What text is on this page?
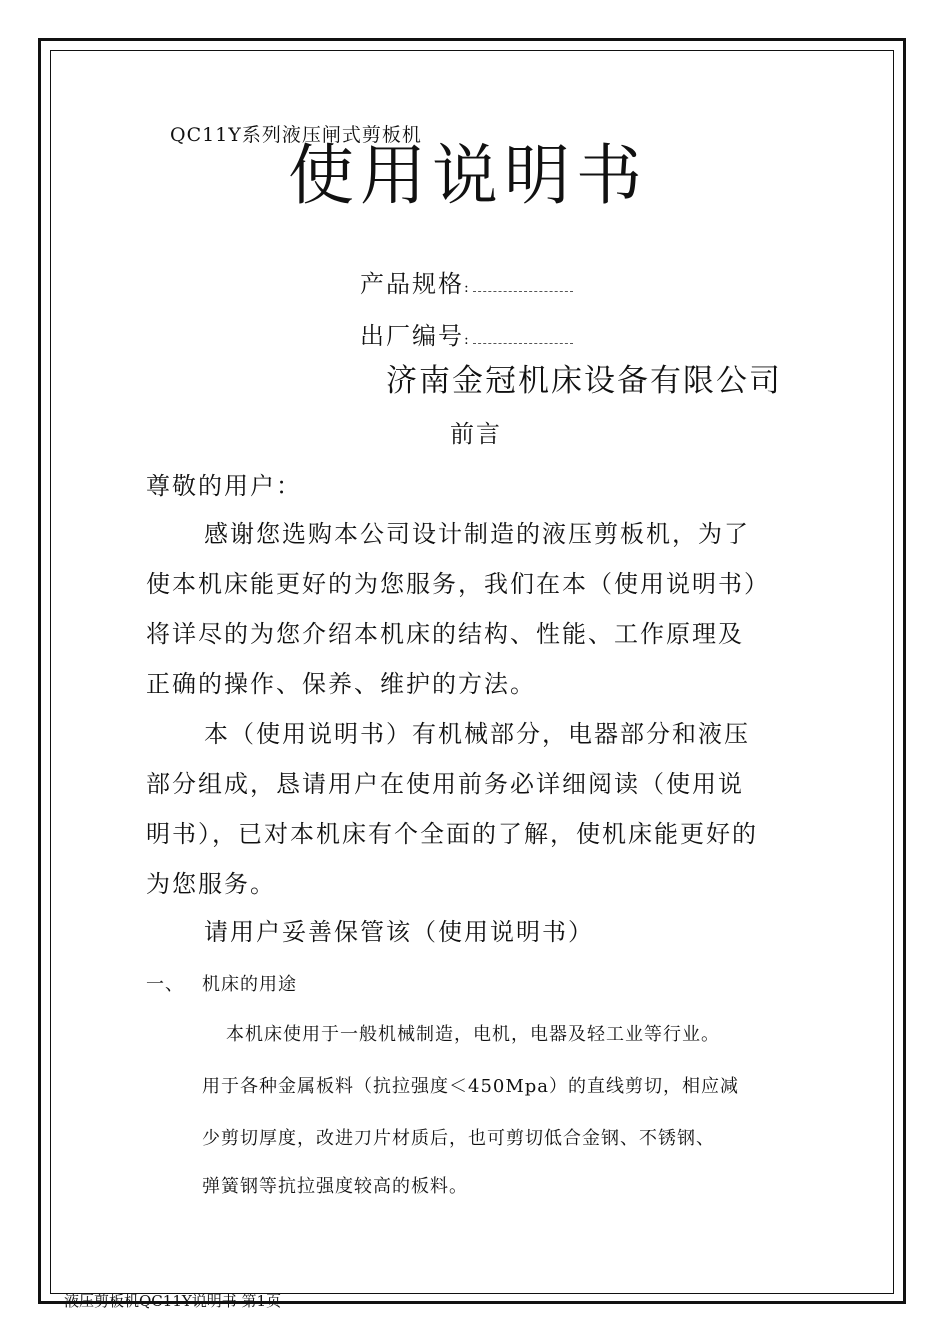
QC11Y系列液压闸式剪板机
使用说明书
产品规格:
出厂编号:
济南金冠机床设备有限公司
前言
尊敬的用户：
感谢您选购本公司设计制造的液压剪板机，为了
使本机床能更好的为您服务，我们在本（使用说明书）
将详尽的为您介绍本机床的结构、性能、工作原理及
正确的操作、保养、维护的方法。
本（使用说明书）有机械部分，电器部分和液压
部分组成，恳请用户在使用前务必详细阅读（使用说
明书），已对本机床有个全面的了解，使机床能更好的
为您服务。
请用户妥善保管该（使用说明书）
一、 机床的用途
本机床使用于一般机械制造，电机，电器及轻工业等行业。
用于各种金属板料（抗拉强度＜450Mpa）的直线剪切，相应减
少剪切厚度，改进刀片材质后，也可剪切低合金钢、不锈钢、
弹簧钢等抗拉强度较高的板料。
液压剪板机QC11Y说明书 第1页
